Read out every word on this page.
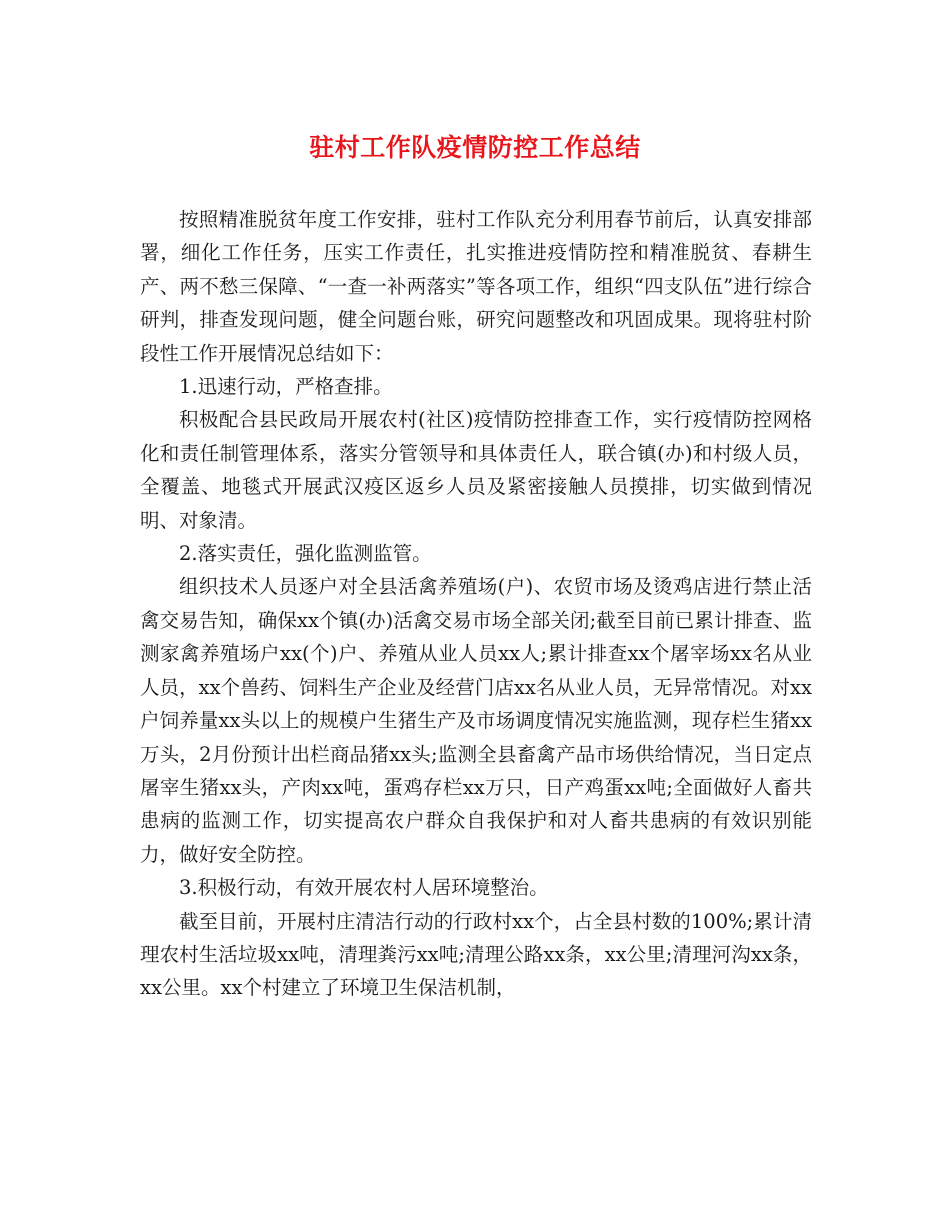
驻村工作队疫情防控工作总结

按照精准脱贫年度工作安排，驻村工作队充分利用春节前后，认真安排部署，细化工作任务，压实工作责任，扎实推进疫情防控和精准脱贫、春耕生产、两不愁三保障、“一查一补两落实”等各项工作，组织“四支队伍”进行综合研判，排查发现问题，健全问题台账，研究问题整改和巩固成果。现将驻村阶段性工作开展情况总结如下：

1.迅速行动，严格查排。

积极配合县民政局开展农村(社区)疫情防控排查工作，实行疫情防控网格化和责任制管理体系，落实分管领导和具体责任人，联合镇(办)和村级人员，全覆盖、地毯式开展武汉疫区返乡人员及紧密接触人员摸排，切实做到情况明、对象清。

2.落实责任，强化监测监管。

组织技术人员逐户对全县活禽养殖场(户)、农贸市场及烫鸡店进行禁止活禽交易告知，确保xx个镇(办)活禽交易市场全部关闭;截至目前已累计排查、监测家禽养殖场户xx(个)户、养殖从业人员xx人;累计排查xx个屠宰场xx名从业人员，xx个兽药、饲料生产企业及经营门店xx名从业人员，无异常情况。对xx户饲养量xx头以上的规模户生猪生产及市场调度情况实施监测，现存栏生猪xx万头，2月份预计出栏商品猪xx头;监测全县畜禽产品市场供给情况，当日定点屠宰生猪xx头，产肉xx吨，蛋鸡存栏xx万只，日产鸡蛋xx吨;全面做好人畜共患病的监测工作，切实提高农户群众自我保护和对人畜共患病的有效识别能力，做好安全防控。

3.积极行动，有效开展农村人居环境整治。

截至目前，开展村庄清洁行动的行政村xx个，占全县村数的100%;累计清理农村生活垃圾xx吨，清理粪污xx吨;清理公路xx条，xx公里;清理河沟xx条，xx公里。xx个村建立了环境卫生保洁机制，
